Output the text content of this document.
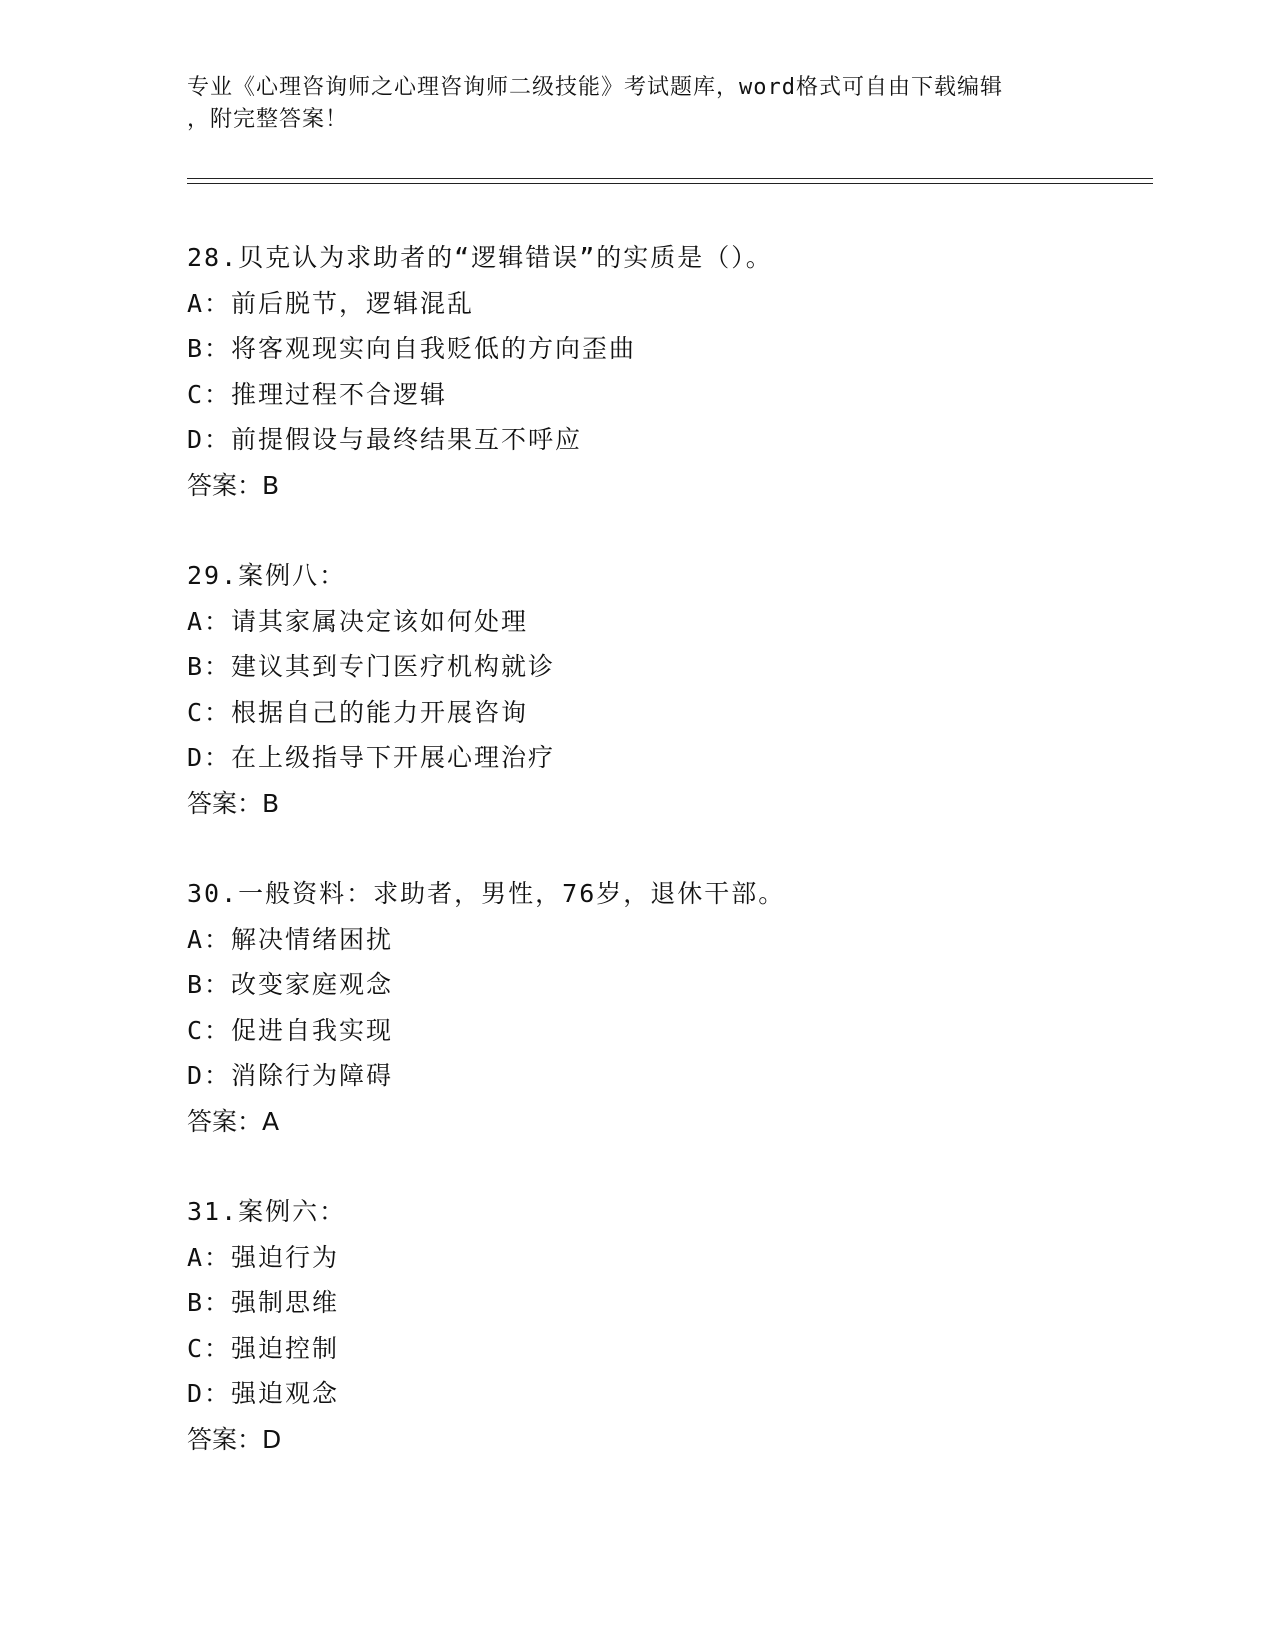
专业《心理咨询师之心理咨询师二级技能》考试题库，word格式可自由下载编辑
，附完整答案！
28.贝克认为求助者的“逻辑错误”的实质是（）。
A：前后脱节，逻辑混乱
B：将客观现实向自我贬低的方向歪曲
C：推理过程不合逻辑
D：前提假设与最终结果互不呼应
答案：B
29.案例八：
A：请其家属决定该如何处理
B：建议其到专门医疗机构就诊
C：根据自己的能力开展咨询
D：在上级指导下开展心理治疗
答案：B
30.一般资料：求助者，男性，76岁，退休干部。
A：解决情绪困扰
B：改变家庭观念
C：促进自我实现
D：消除行为障碍
答案：A
31.案例六：
A：强迫行为
B：强制思维
C：强迫控制
D：强迫观念
答案：D
